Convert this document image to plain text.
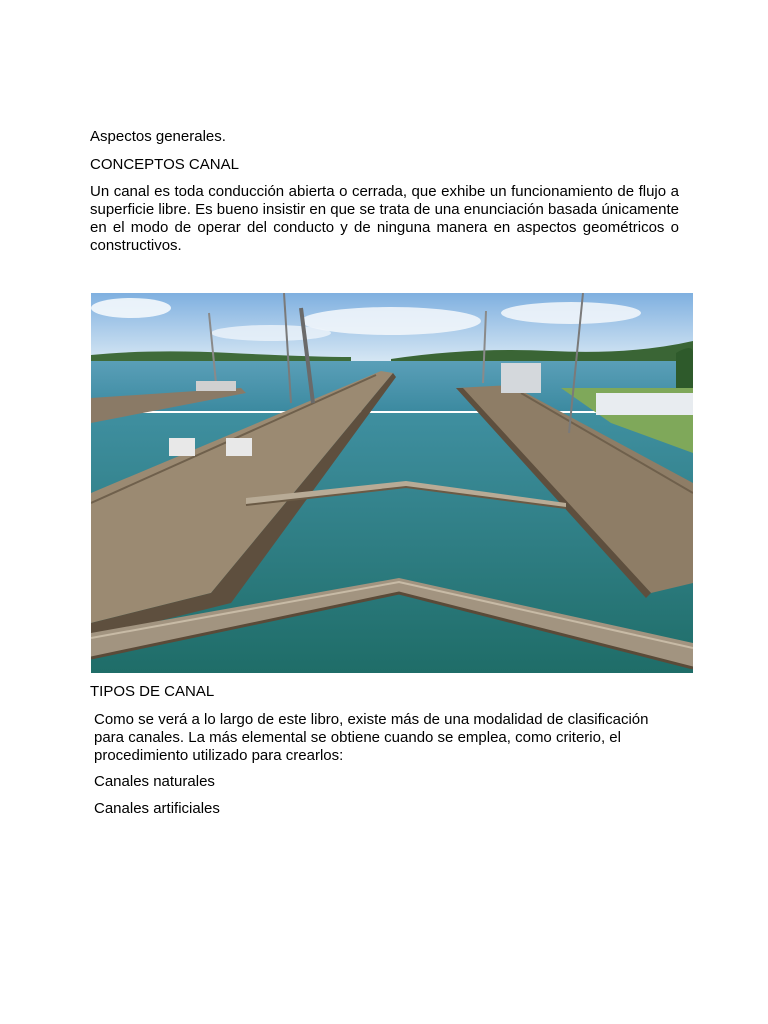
Aspectos generales.

CONCEPTOS CANAL

Un canal es toda conducción abierta o cerrada, que exhibe un funcionamiento de flujo a superficie libre. Es bueno insistir en que se trata de una enunciación basada únicamente en el modo de operar del conducto y de ninguna manera en aspectos geométricos o constructivos.

TIPOS DE CANAL

Como se verá a lo largo de este libro, existe más de una modalidad de clasificación para canales. La más elemental se obtiene cuando se emplea, como criterio, el procedimiento utilizado para crearlos:

Canales naturales

Canales artificiales
